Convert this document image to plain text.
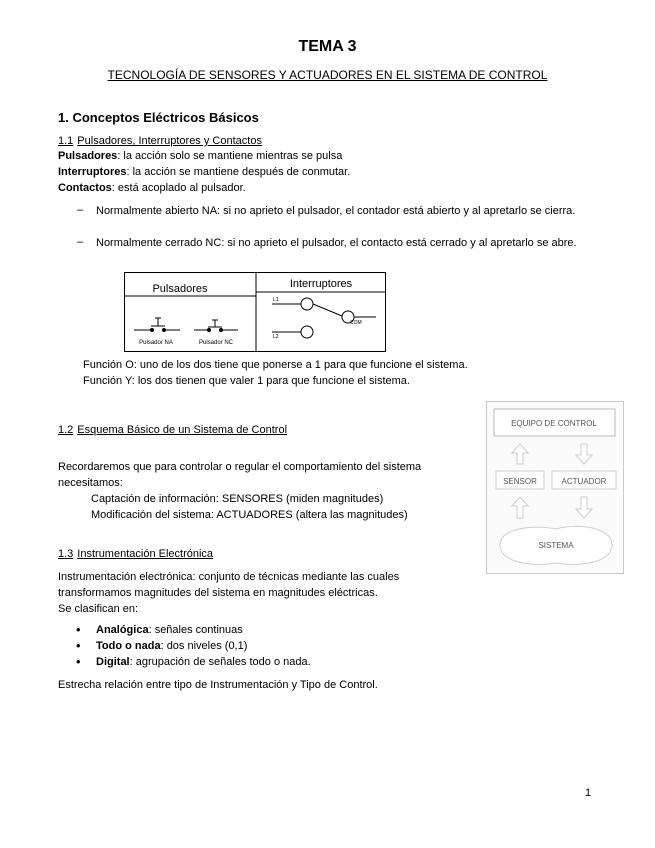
TEMA 3
TECNOLOGÍA DE SENSORES Y ACTUADORES EN EL SISTEMA DE CONTROL
1. Conceptos Eléctricos Básicos
1.1 Pulsadores, Interruptores y Contactos
Pulsadores: la acción solo se mantiene mientras se pulsa
Interruptores: la acción se mantiene después de conmutar.
Contactos: está acoplado al pulsador.
– Normalmente abierto NA: si no aprieto el pulsador, el contador está abierto y al apretarlo se cierra.
– Normalmente cerrado NC: si no aprieto el pulsador, el contacto está cerrado y al apretarlo se abre.
Pulsadores	Interruptores
Pulsador NA	Pulsador NC
L1
L2
COM
Función O: uno de los dos tiene que ponerse a 1 para que funcione el sistema.
Función Y: los dos tienen que valer 1 para que funcione el sistema.
1.2 Esquema Básico de un Sistema de Control
Recordaremos que para controlar o regular el comportamiento del sistema necesitamos:
Captación de información: SENSORES (miden magnitudes)
Modificación del sistema: ACTUADORES (altera las magnitudes)
EQUIPO DE CONTROL
SENSOR	ACTUADOR
SISTEMA
1.3 Instrumentación Electrónica
Instrumentación electrónica: conjunto de técnicas mediante las cuales transformamos magnitudes del sistema en magnitudes eléctricas.
Se clasifican en:
• Analógica: señales continuas
• Todo o nada: dos niveles (0,1)
• Digital: agrupación de señales todo o nada.
Estrecha relación entre tipo de Instrumentación y Tipo de Control.
1
